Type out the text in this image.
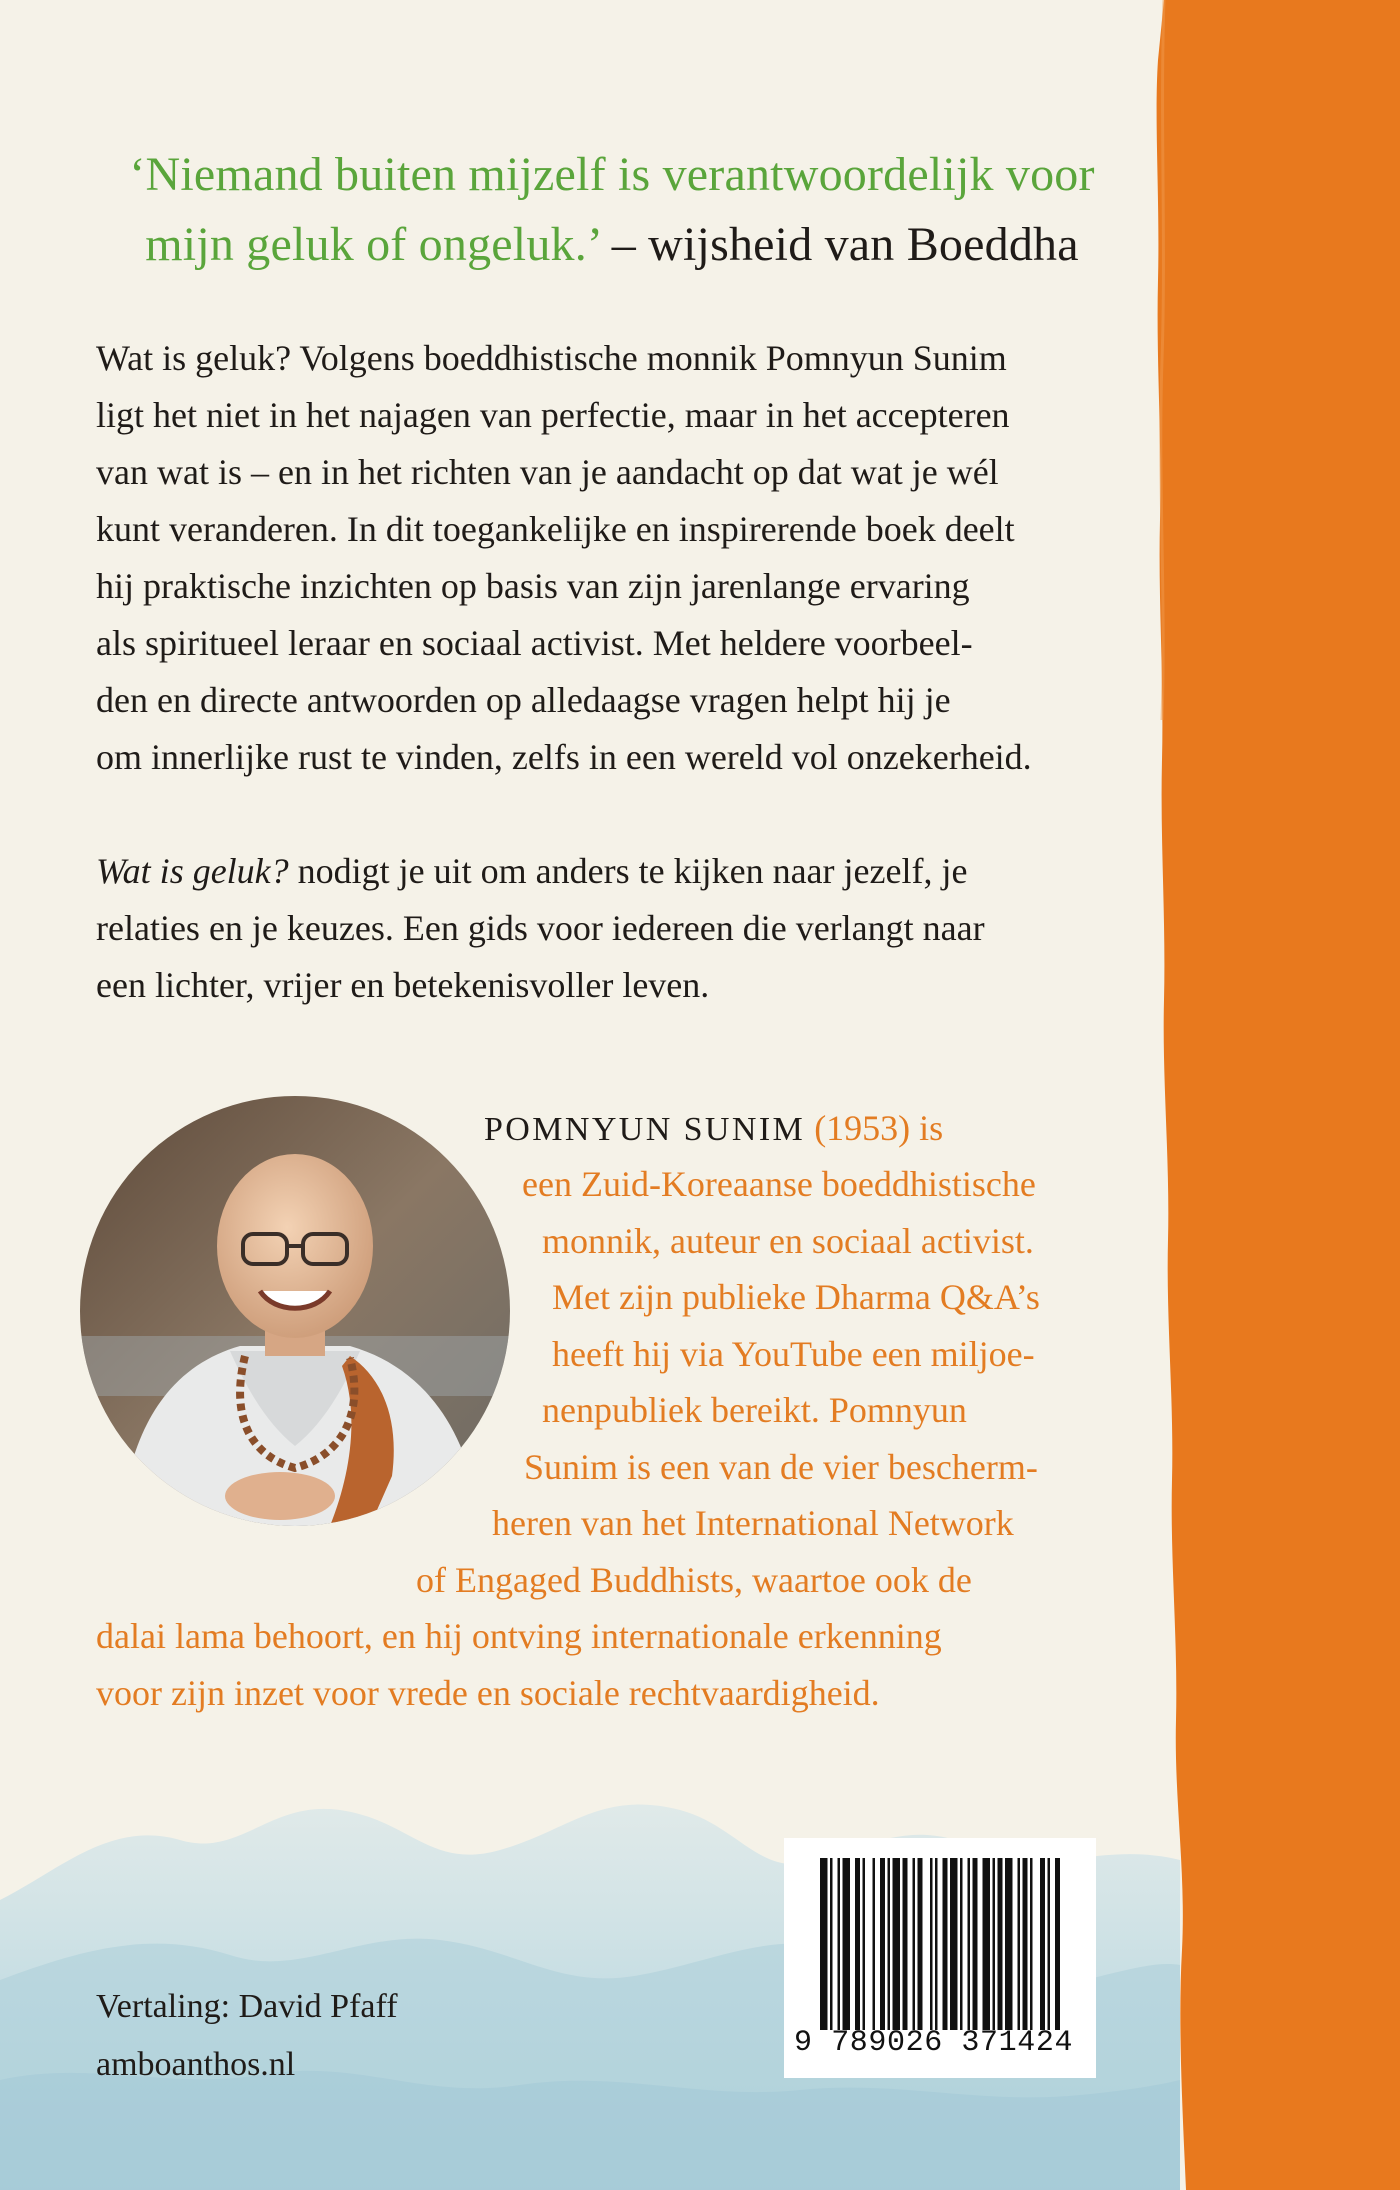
‘Niemand buiten mijzelf is verantwoordelijk voor
mijn geluk of ongeluk.’ – wijsheid van Boeddha

Wat is geluk? Volgens boeddhistische monnik Pomnyun Sunim
ligt het niet in het najagen van perfectie, maar in het accepteren
van wat is – en in het richten van je aandacht op dat wat je wél
kunt veranderen. In dit toegankelijke en inspirerende boek deelt
hij praktische inzichten op basis van zijn jarenlange ervaring
als spiritueel leraar en sociaal activist. Met heldere voorbeel-
den en directe antwoorden op alledaagse vragen helpt hij je
om innerlijke rust te vinden, zelfs in een wereld vol onzekerheid.

Wat is geluk? nodigt je uit om anders te kijken naar jezelf, je
relaties en je keuzes. Een gids voor iedereen die verlangt naar
een lichter, vrijer en betekenisvoller leven.

POMNYUN SUNIM (1953) is
een Zuid-Koreaanse boeddhistische
monnik, auteur en sociaal activist.
Met zijn publieke Dharma Q&A’s
heeft hij via YouTube een miljoe-
nenpubliek bereikt. Pomnyun
Sunim is een van de vier bescherm-
heren van het International Network
of Engaged Buddhists, waartoe ook de
dalai lama behoort, en hij ontving internationale erkenning
voor zijn inzet voor vrede en sociale rechtvaardigheid.
Vertaling: David Pfaff
amboanthos.nl
9 789026 371424
